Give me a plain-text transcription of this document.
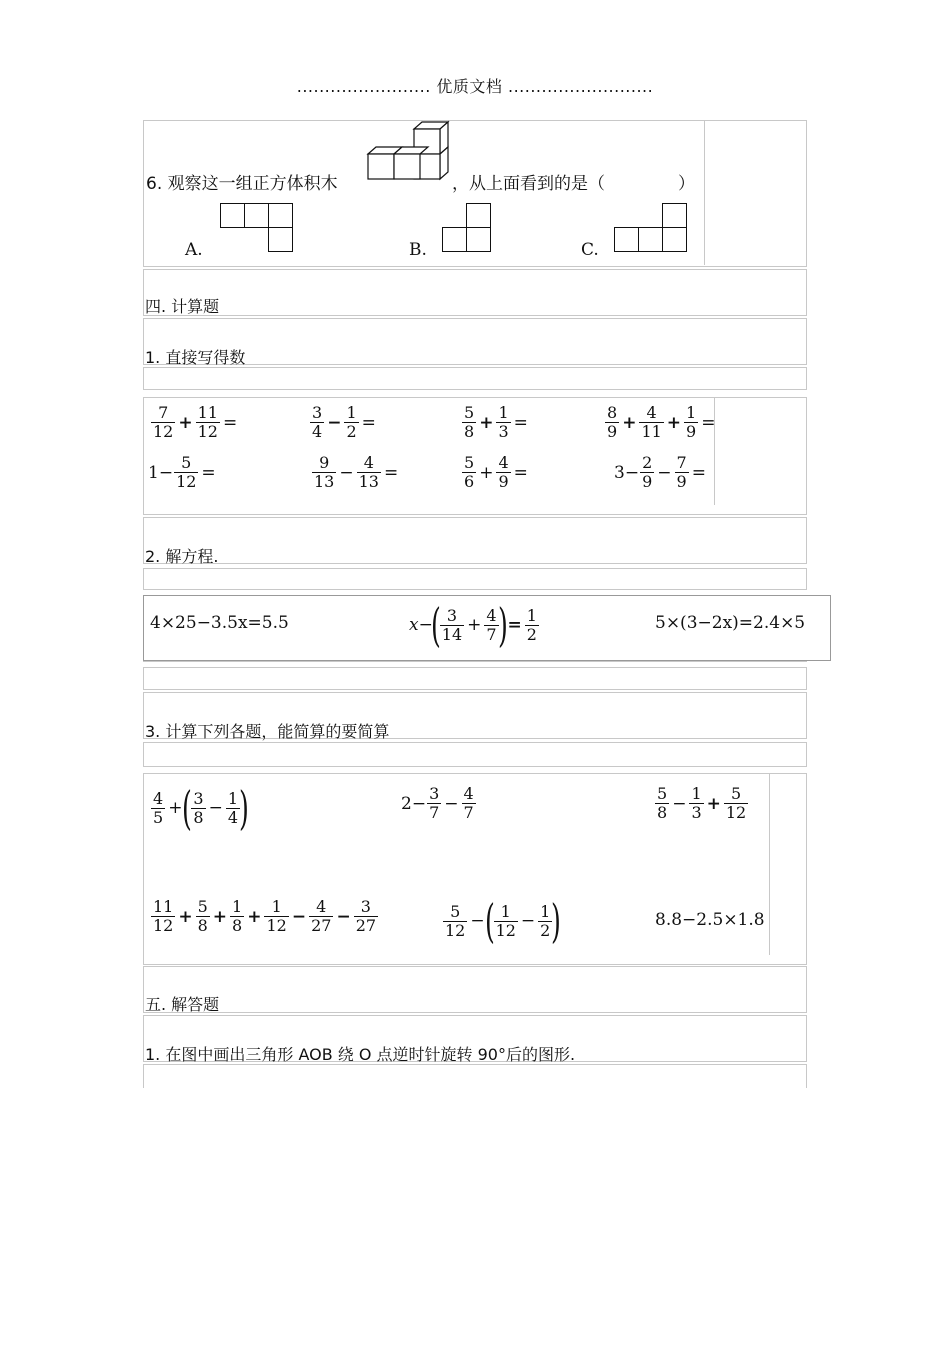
........................ 优质文档 ..........................
6. 观察这一组正方体积木	，从上面看到的是（	）
A.	B.	C.
四. 计算题
1. 直接写得数
$\frac{7}{12} + \frac{11}{12}$ =	$\frac{3}{4} - \frac{1}{2}$ =	$\frac{5}{8} + \frac{1}{3}$ =	$\frac{8}{9} + \frac{4}{11} + \frac{1}{9}$ =
$1- \frac{5}{12}$ =	$\frac{9}{13} - \frac{4}{13}$ =	$\frac{5}{6} + \frac{4}{9}$ =	$3- \frac{2}{9} - \frac{7}{9}$ =
2. 解方程.
4×25−3.5x=5.5	x−
( $\frac{3}{14} + \frac{4}{7}$ ) = $\frac{1}{2}$	5×(3−2x)=2.4×5
3. 计算下列各题，能简算的要简算
$\frac{4}{5}$ + ( $\frac{3}{8} - \frac{1}{4}$ )	$2- \frac{3}{7} - \frac{4}{7}$	$\frac{5}{8} - \frac{1}{3} + \frac{5}{12}$
$\frac{11}{12} + \frac{5}{8} + \frac{1}{8} + \frac{1}{12} - \frac{4}{27} - \frac{3}{27}$	$\frac{5}{12}$ − ( $\frac{1}{12} - \frac{1}{2}$ )	8.8−2.5×1.8
五. 解答题
1. 在图中画出三角形 AOB 绕 O 点逆时针旋转 90°后的图形.
